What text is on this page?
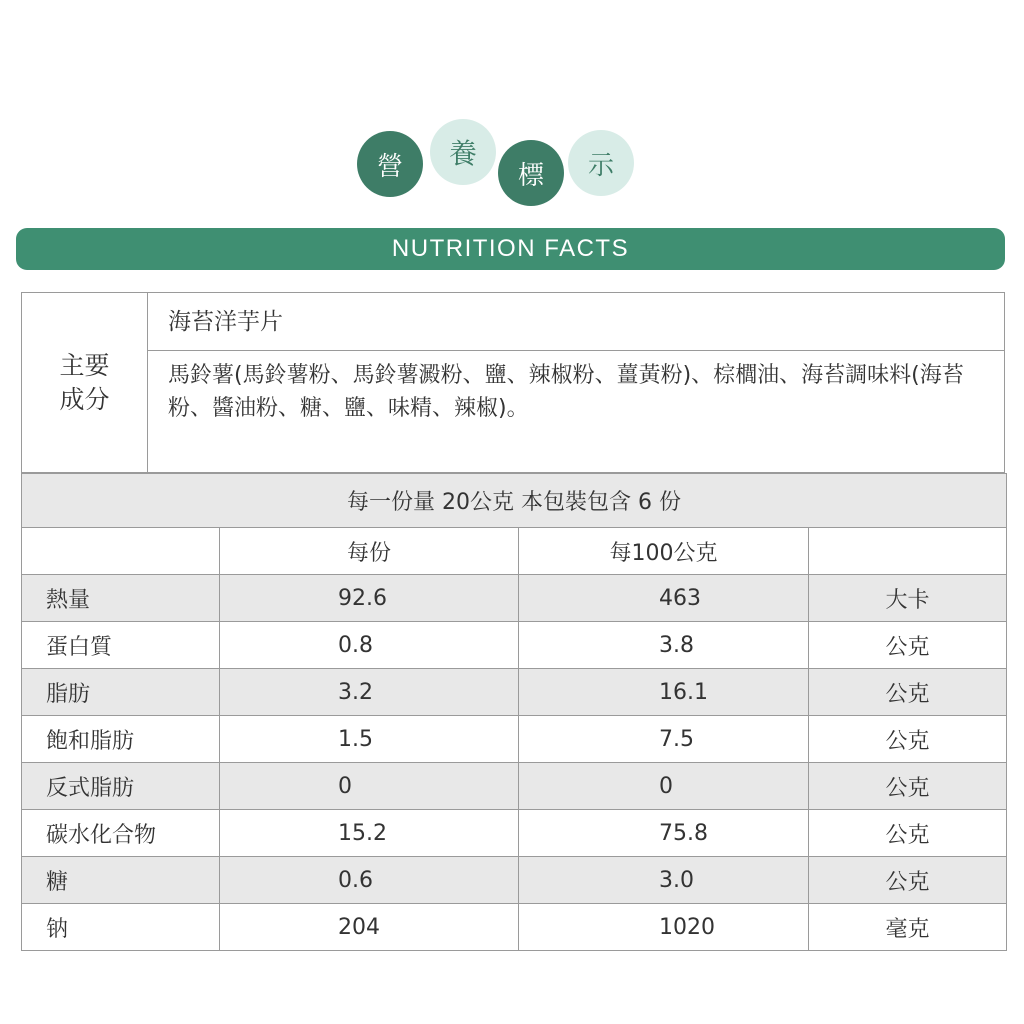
營	養
標	示
NUTRITION FACTS
主要
成分
海苔洋芋片
馬鈴薯(馬鈴薯粉、馬鈴薯澱粉、鹽、辣椒粉、薑黃粉)、棕櫚油、海苔調味料(海苔粉、醬油粉、糖、鹽、味精、辣椒)。
每一份量 20公克 本包裝包含 6 份			
	每份	每100公克	
熱量	92.6	463	大卡
蛋白質	0.8	3.8	公克
脂肪	3.2	16.1	公克
飽和脂肪	1.5	7.5	公克
反式脂肪	0	0	公克
碳水化合物	15.2	75.8	公克
糖	0.6	3.0	公克
钠	204	1020	毫克
